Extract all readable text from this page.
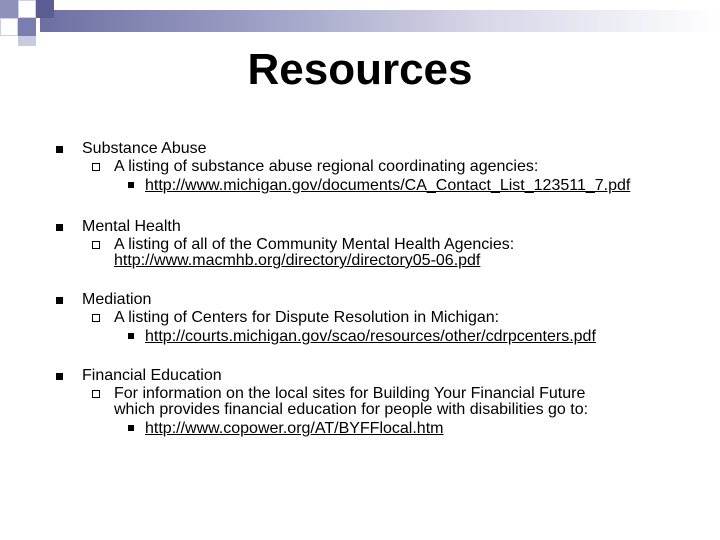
Resources
Substance Abuse
A listing of substance abuse regional coordinating agencies:
http://www.michigan.gov/documents/CA_Contact_List_123511_7.pdf
Mental Health
A listing of all of the Community Mental Health Agencies:
http://www.macmhb.org/directory/directory05-06.pdf
Mediation
A listing of Centers for Dispute Resolution in Michigan:
http://courts.michigan.gov/scao/resources/other/cdrpcenters.pdf
Financial Education
For information on the local sites for Building Your Financial Future
which provides financial education for people with disabilities go to:
http://www.copower.org/AT/BYFFlocal.htm
